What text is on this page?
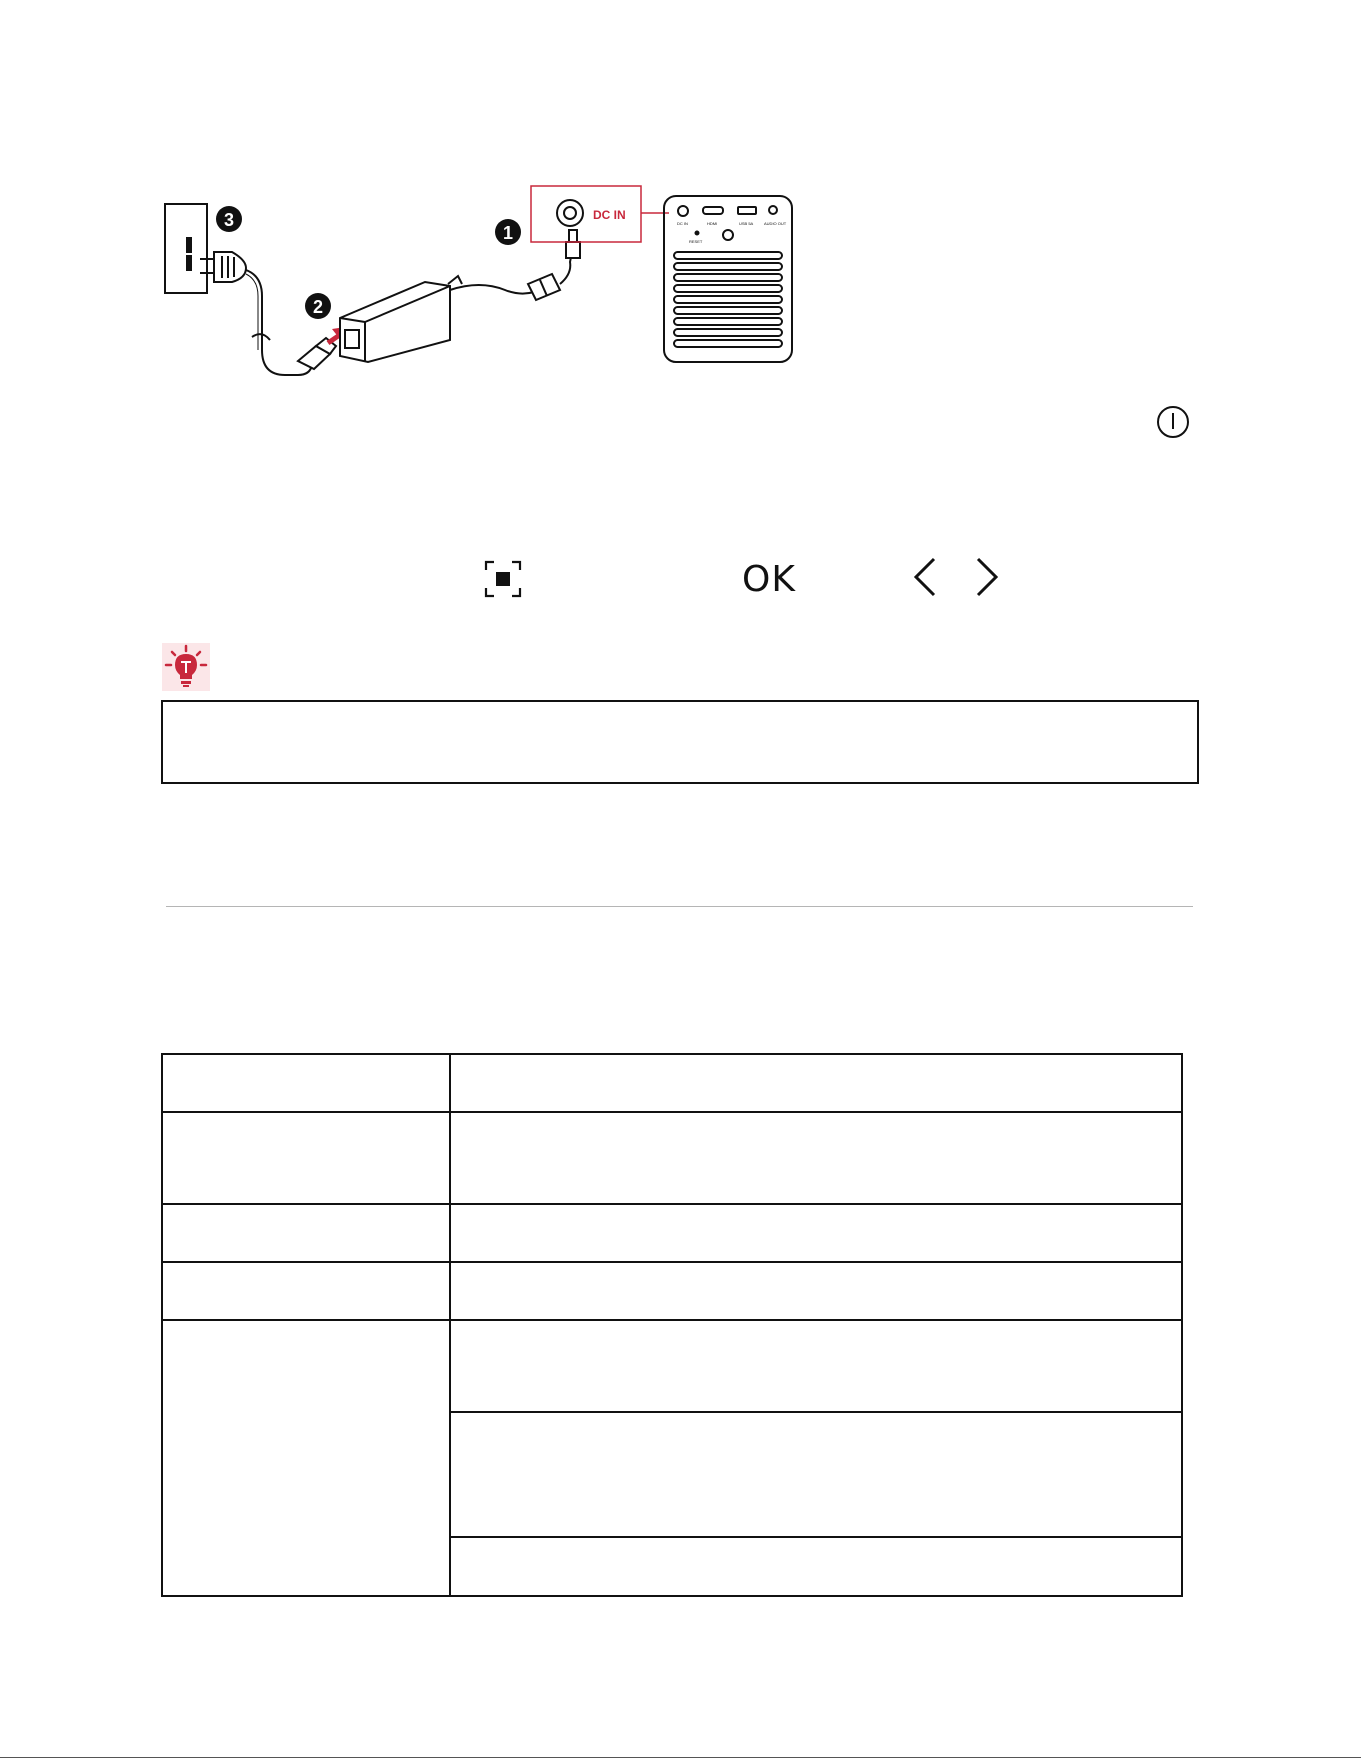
DC IN
DC IN	HDMI	USB 5A	AUDIO OUT
RESET
1
2
3
OK
